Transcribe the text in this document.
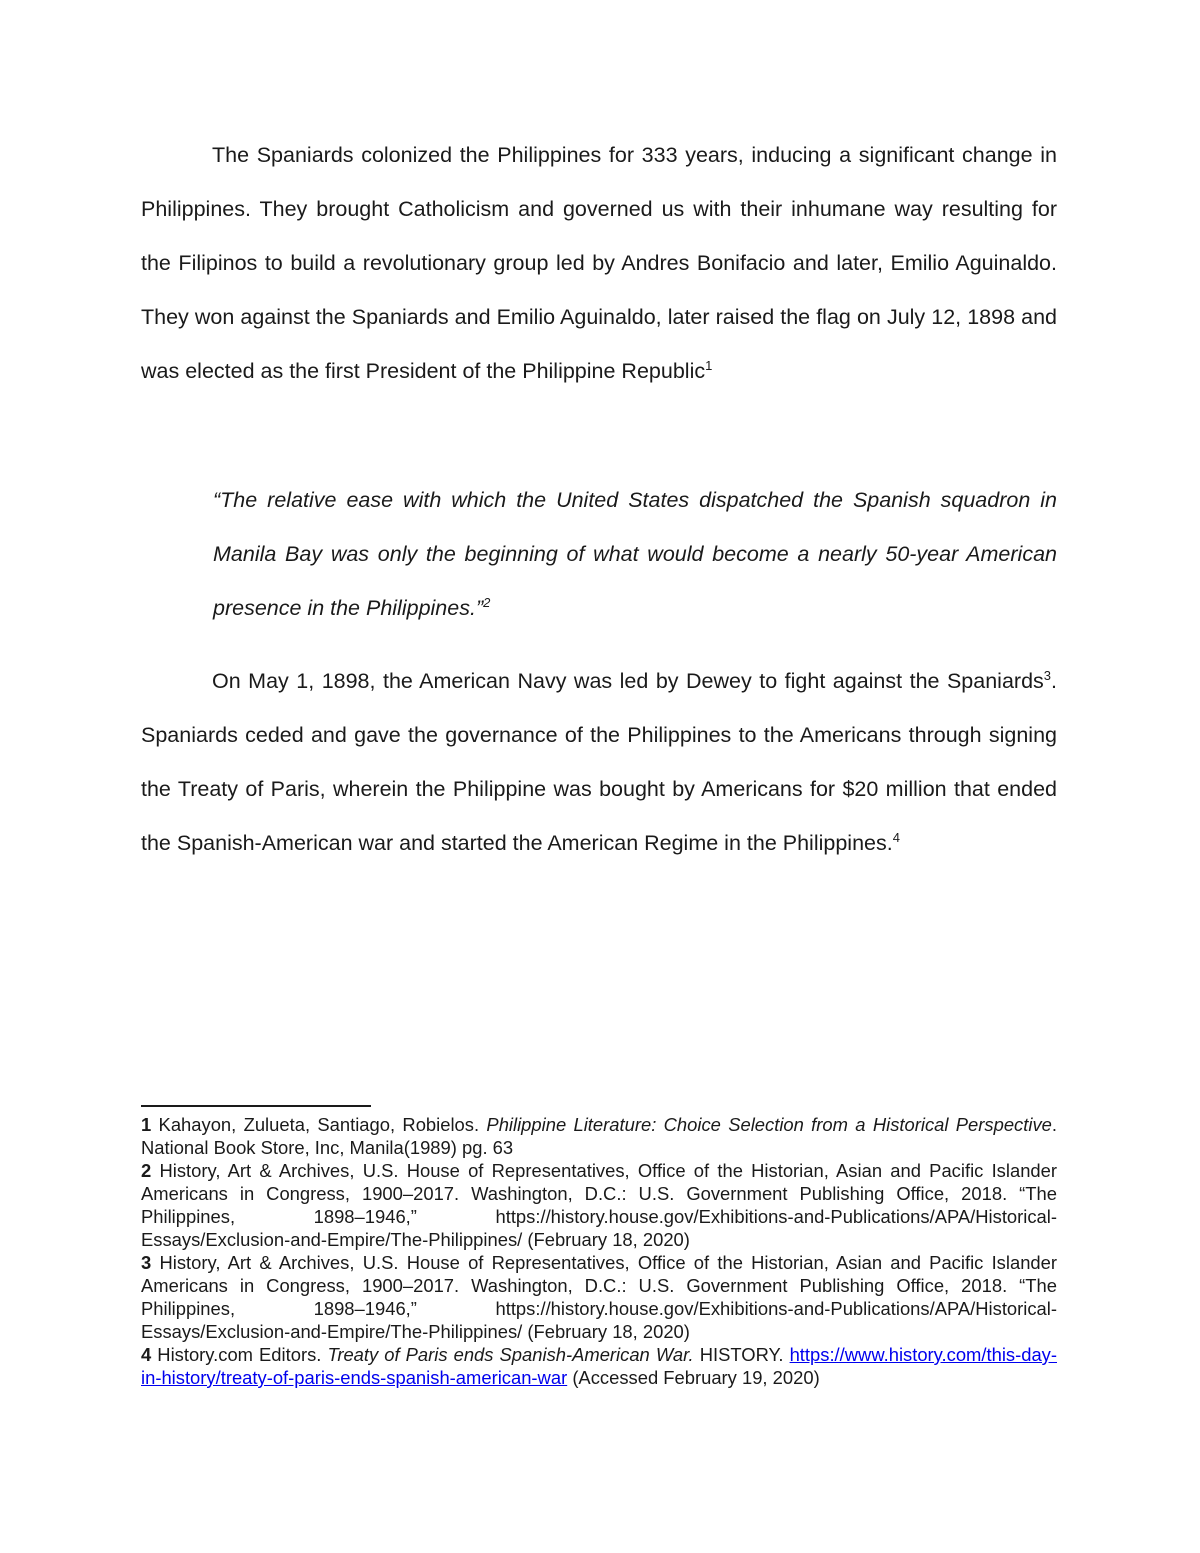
The Spaniards colonized the Philippines for 333 years, inducing a significant change in Philippines. They brought Catholicism and governed us with their inhumane way resulting for the Filipinos to build a revolutionary group led by Andres Bonifacio and later, Emilio Aguinaldo. They won against the Spaniards and Emilio Aguinaldo, later raised the flag on July 12, 1898 and was elected as the first President of the Philippine Republic$^1$

“The relative ease with which the United States dispatched the Spanish squadron in Manila Bay was only the beginning of what would become a nearly 50-year American presence in the Philippines.”$^2$

On May 1, 1898, the American Navy was led by Dewey to fight against the Spaniards$^3$. Spaniards ceded and gave the governance of the Philippines to the Americans through signing the Treaty of Paris, wherein the Philippine was bought by Americans for $20 million that ended the Spanish-American war and started the American Regime in the Philippines.$^4$

1 Kahayon, Zulueta, Santiago, Robielos. Philippine Literature: Choice Selection from a Historical Perspective. National Book Store, Inc, Manila(1989) pg. 63

2 History, Art & Archives, U.S. House of Representatives, Office of the Historian, Asian and Pacific Islander Americans in Congress, 1900–2017. Washington, D.C.: U.S. Government Publishing Office, 2018. “The Philippines, 1898–1946,” https://history.house.gov/Exhibitions-and-Publications/APA/Historical-Essays/Exclusion-and-Empire/The-Philippines/ (February 18, 2020)

3 History, Art & Archives, U.S. House of Representatives, Office of the Historian, Asian and Pacific Islander Americans in Congress, 1900–2017. Washington, D.C.: U.S. Government Publishing Office, 2018. “The Philippines, 1898–1946,” https://history.house.gov/Exhibitions-and-Publications/APA/Historical-Essays/Exclusion-and-Empire/The-Philippines/ (February 18, 2020)

4 History.com Editors. Treaty of Paris ends Spanish-American War. HISTORY. https://www.history.com/this-day-in-history/treaty-of-paris-ends-spanish-american-war (Accessed February 19, 2020)
